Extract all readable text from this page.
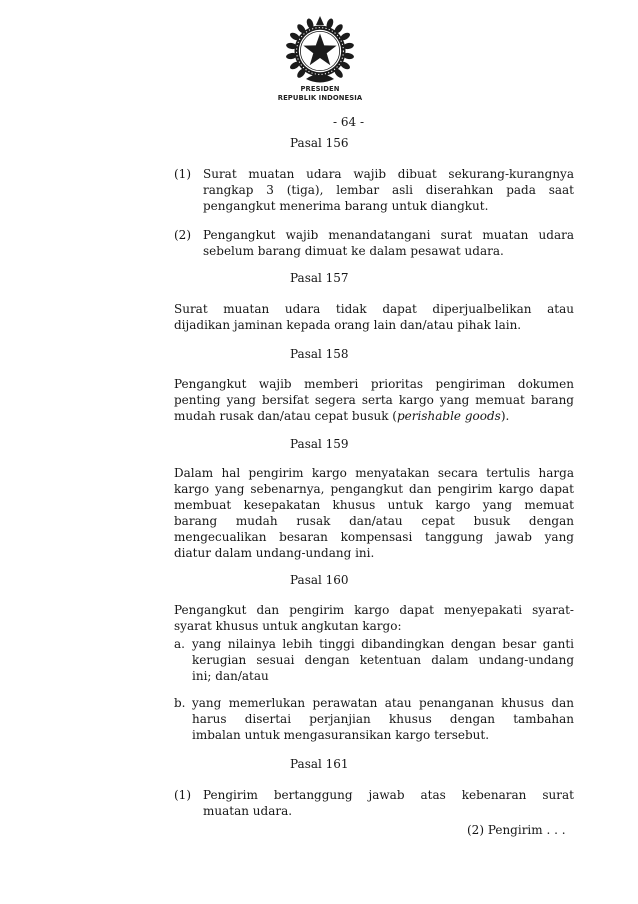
PRESIDEN
REPUBLIK INDONESIA
- 64 -
Pasal 156
(1) Surat muatan udara wajib dibuat sekurang-kurangnya
rangkap 3 (tiga), lembar asli diserahkan pada saat
pengangkut menerima barang untuk diangkut.
(2) Pengangkut wajib menandatangani surat muatan udara
sebelum barang dimuat ke dalam pesawat udara.
Pasal 157
Surat muatan udara tidak dapat diperjualbelikan atau
dijadikan jaminan kepada orang lain dan/atau pihak lain.
Pasal 158
Pengangkut wajib memberi prioritas pengiriman dokumen
penting yang bersifat segera serta kargo yang memuat barang
mudah rusak dan/atau cepat busuk (perishable goods).
Pasal 159
Dalam hal pengirim kargo menyatakan secara tertulis harga
kargo yang sebenarnya, pengangkut dan pengirim kargo dapat
membuat kesepakatan khusus untuk kargo yang memuat
barang mudah rusak dan/atau cepat busuk dengan
mengecualikan besaran kompensasi tanggung jawab yang
diatur dalam undang-undang ini.
Pasal 160
Pengangkut dan pengirim kargo dapat menyepakati syarat-
syarat khusus untuk angkutan kargo:
a. yang nilainya lebih tinggi dibandingkan dengan besar ganti
kerugian sesuai dengan ketentuan dalam undang-undang
ini; dan/atau
b. yang memerlukan perawatan atau penanganan khusus dan
harus disertai perjanjian khusus dengan tambahan
imbalan untuk mengasuransikan kargo tersebut.
Pasal 161
(1) Pengirim bertanggung jawab atas kebenaran surat
muatan udara.
(2) Pengirim . . .
